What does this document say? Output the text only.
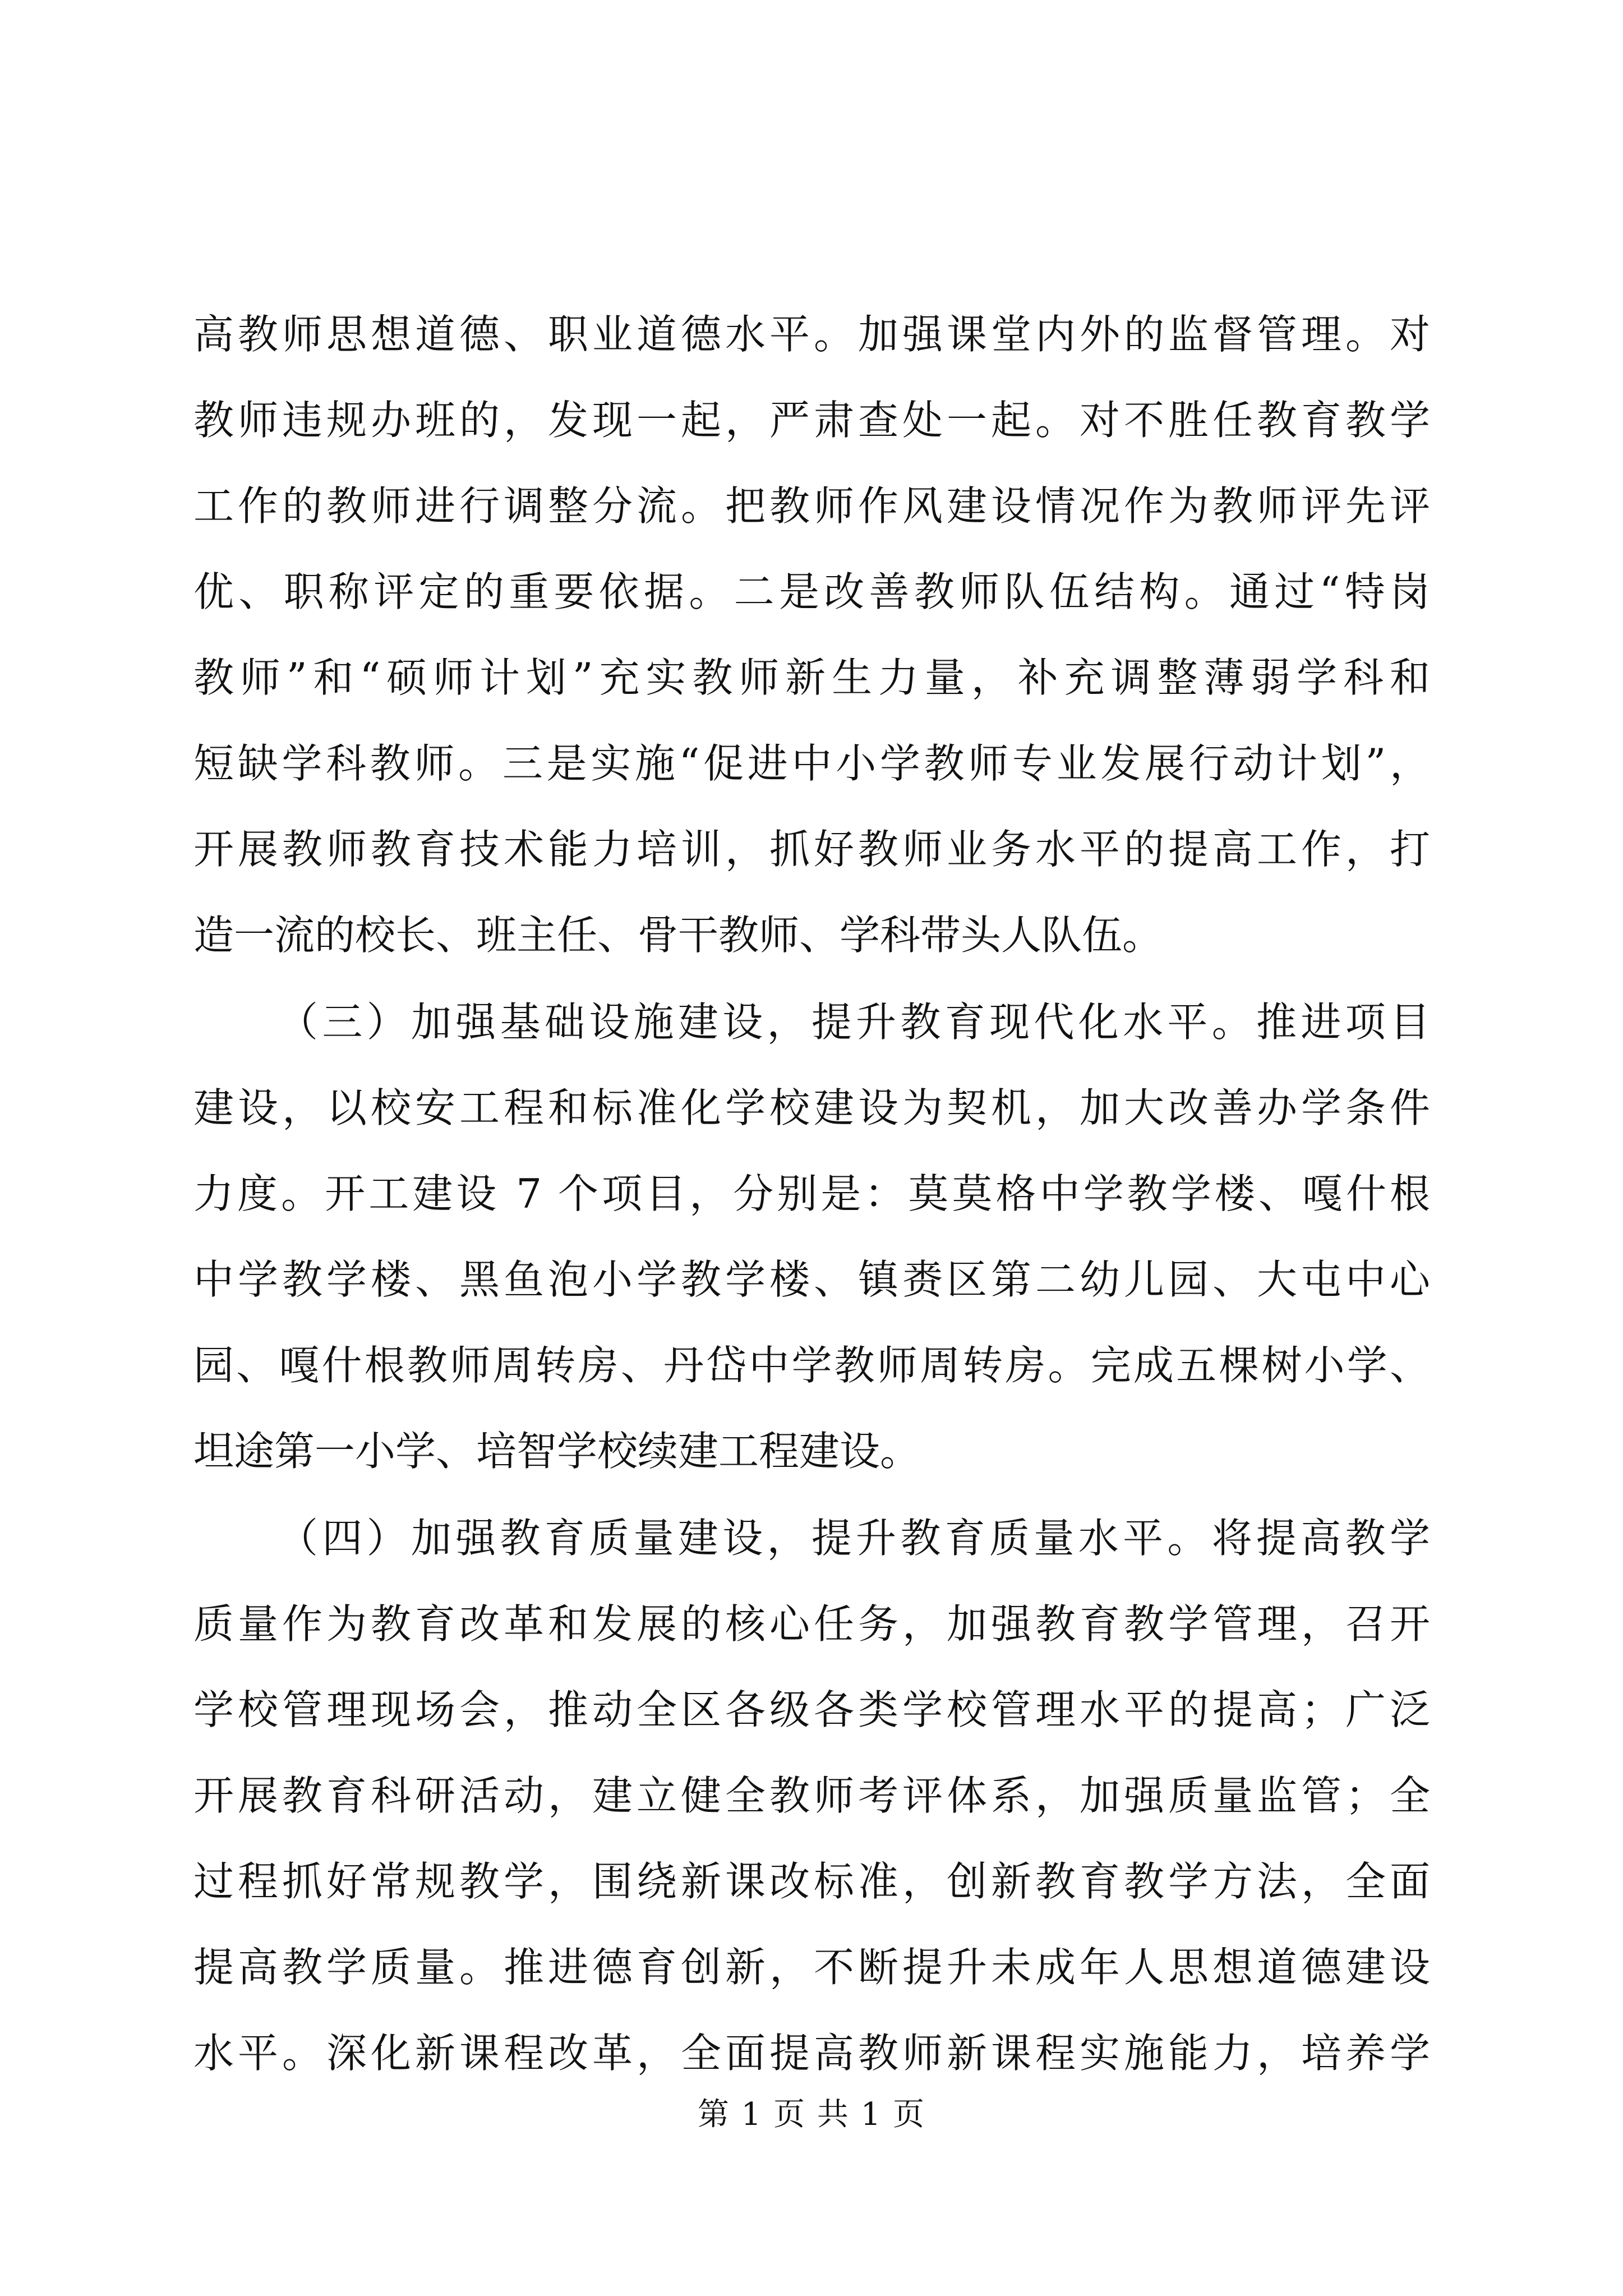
高教师思想道德、职业道德水平。加强课堂内外的监督管理。对
教师违规办班的，发现一起，严肃查处一起。对不胜任教育教学
工作的教师进行调整分流。把教师作风建设情况作为教师评先评
优、职称评定的重要依据。二是改善教师队伍结构。通过“特岗
教师”和“硕师计划”充实教师新生力量，补充调整薄弱学科和
短缺学科教师。三是实施“促进中小学教师专业发展行动计划”，
开展教师教育技术能力培训，抓好教师业务水平的提高工作，打
造一流的校长、班主任、骨干教师、学科带头人队伍。
（三）加强基础设施建设，提升教育现代化水平。推进项目
建设，以校安工程和标准化学校建设为契机，加大改善办学条件
力度。开工建设 7 个项目，分别是：莫莫格中学教学楼、嘎什根
中学教学楼、黑鱼泡小学教学楼、镇赉区第二幼儿园、大屯中心
园、嘎什根教师周转房、丹岱中学教师周转房。完成五棵树小学、
坦途第一小学、培智学校续建工程建设。
（四）加强教育质量建设，提升教育质量水平。将提高教学
质量作为教育改革和发展的核心任务，加强教育教学管理，召开
学校管理现场会，推动全区各级各类学校管理水平的提高；广泛
开展教育科研活动，建立健全教师考评体系，加强质量监管；全
过程抓好常规教学，围绕新课改标准，创新教育教学方法，全面
提高教学质量。推进德育创新，不断提升未成年人思想道德建设
水平。深化新课程改革，全面提高教师新课程实施能力，培养学
第 1 页 共 1 页
